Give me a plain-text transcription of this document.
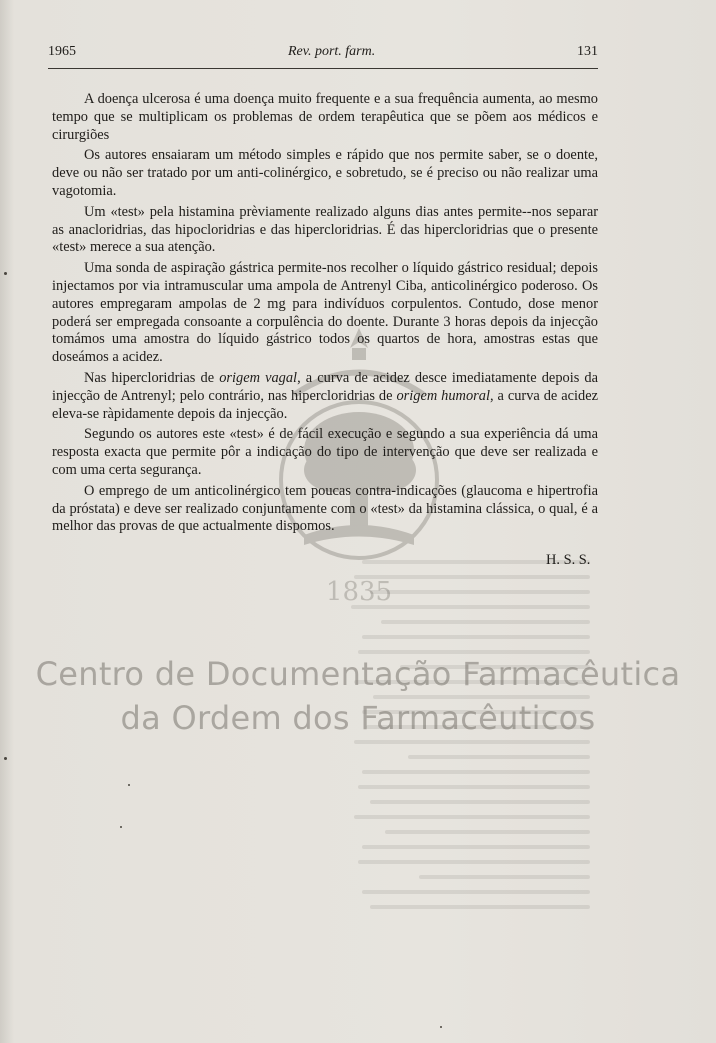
1965	Rev. port. farm.	131
1835

A doença ulcerosa é uma doença muito frequente e a sua frequência aumenta, ao mesmo tempo que se multiplicam os problemas de ordem terapêutica que se põem aos médicos e cirurgiões

Os autores ensaiaram um método simples e rápido que nos permite saber, se o doente, deve ou não ser tratado por um anti-colinérgico, e sobretudo, se é preciso ou não realizar uma vagotomia.

Um «test» pela histamina prèviamente realizado alguns dias antes permite--nos separar as anacloridrias, das hipocloridrias e das hipercloridrias. É das hipercloridrias que o presente «test» merece a sua atenção.

Uma sonda de aspiração gástrica permite-nos recolher o líquido gástrico residual; depois injectamos por via intramuscular uma ampola de Antrenyl Ciba, anticolinérgico poderoso. Os autores empregaram ampolas de 2 mg para indivíduos corpulentos. Contudo, dose menor poderá ser empregada consoante a corpulência do doente. Durante 3 horas depois da injecção tomámos uma amostra do líquido gástrico todos os quartos de hora, amostras estas que doseámos a acidez.

Nas hipercloridrias de origem vagal, a curva de acidez desce imediatamente depois da injecção de Antrenyl; pelo contrário, nas hipercloridrias de origem humoral, a curva de acidez eleva-se ràpidamente depois da injecção.

Segundo os autores este «test» é de fácil execução e segundo a sua experiência dá uma resposta exacta que permite pôr a indicação do tipo de intervenção que deve ser realizada e com uma certa segurança.

O emprego de um anticolinérgico tem poucas contra-indicações (glaucoma e hipertrofia da próstata) e deve ser realizado conjuntamente com o «test» da histamina clássica, o qual, é a melhor das provas de que actualmente dispomos.

H. S. S.
Centro de Documentação Farmacêutica
da Ordem dos Farmacêuticos
